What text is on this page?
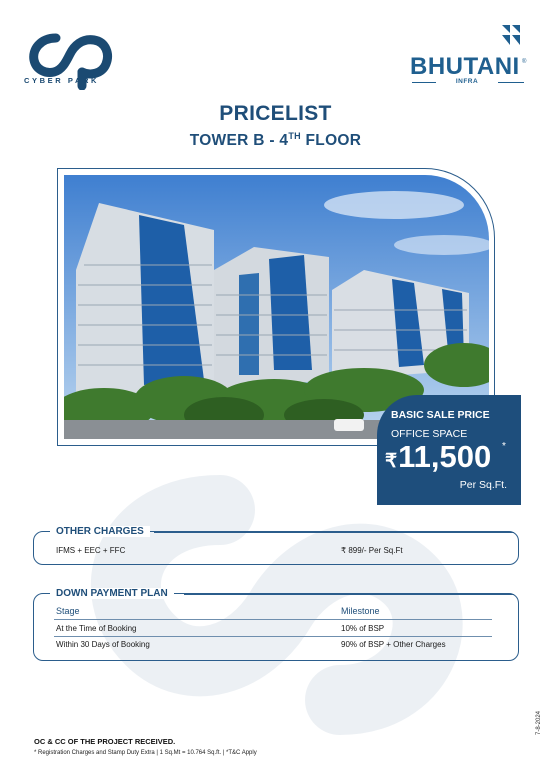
CYBER PARK
BHUTANI ®
INFRA
PRICELIST
TOWER B - 4TH FLOOR
BASIC SALE PRICE
OFFICE SPACE
₹11,500 *
Per Sq.Ft.
OTHER CHARGES
IFMS + EEC + FFC	₹ 899/- Per Sq.Ft
DOWN PAYMENT PLAN
Stage	Milestone
At the Time of Booking	10% of BSP
Within 30 Days of Booking	90% of BSP + Other Charges
OC & CC OF THE PROJECT RECEIVED.
* Registration Charges and Stamp Duty Extra | 1 Sq.Mt = 10.764 Sq.ft. | *T&C Apply
7-8-2024
